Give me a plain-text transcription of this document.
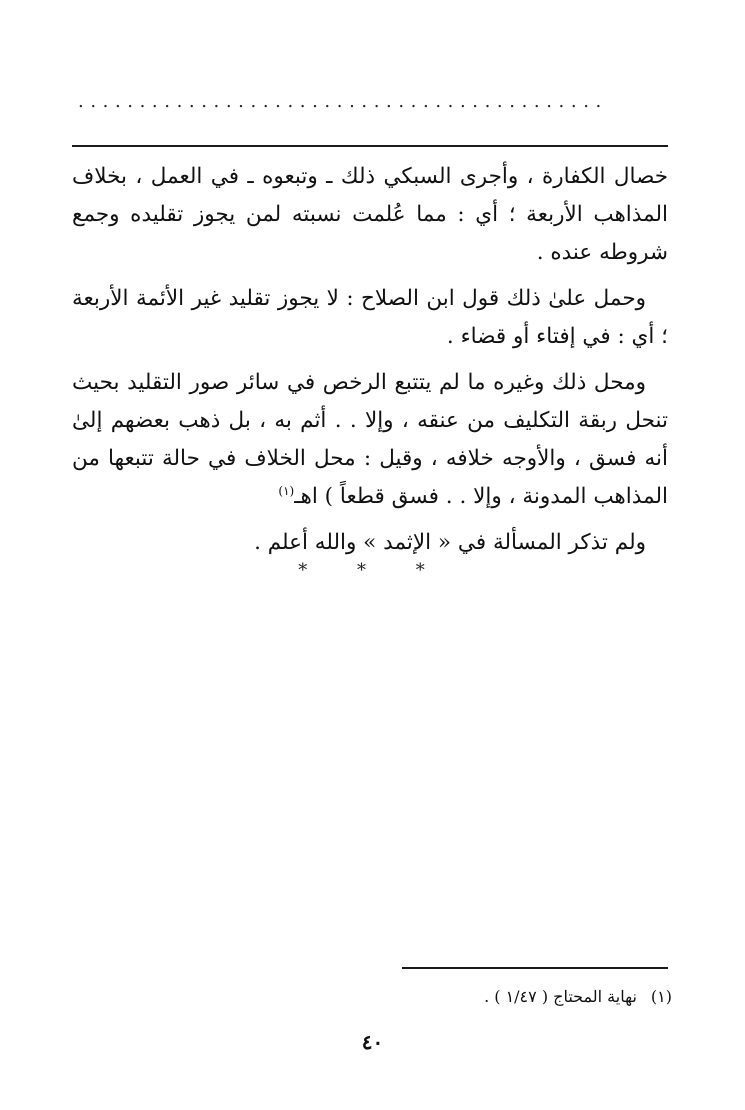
...........................................

خصال الكفارة ، وأجرى السبكي ذلك ـ وتبعوه ـ في العمل ، بخلاف المذاهب الأربعة ؛ أي : مما عُلمت نسبته لمن يجوز تقليده وجمع شروطه عنده .

وحمل علىٰ ذلك قول ابن الصلاح : لا يجوز تقليد غير الأئمة الأربعة ؛ أي : في إفتاء أو قضاء .

ومحل ذلك وغيره ما لم يتتبع الرخص في سائر صور التقليد بحيث تنحل ربقة التكليف من عنقه ، وإلا . . أثم به ، بل ذهب بعضهم إلىٰ أنه فسق ، والأوجه خلافه ، وقيل : محل الخلاف في حالة تتبعها من المذاهب المدونة ، وإلا . . فسق قطعاً ) اهـ$^{(١)}$

ولم تذكر المسألة في « الإثمد » والله أعلم .

* * *
(١)نهاية المحتاج ( ١/٤٧ ) .
٤٠
